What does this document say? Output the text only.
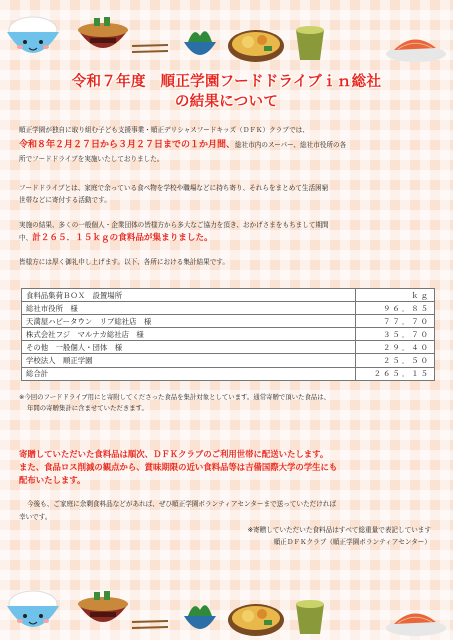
令和７年度　順正学園フードドライブｉｎ総社
の結果について
順正学園が独自に取り組む子ども支援事業・順正デリシャスフードキッズ（ＤＦＫ）クラブでは、
令和８年２月２７日から３月２７日までの１か月間、総社市内のスーパー、総社市役所の各
所でフードドライブを実施いたしておりました。
フードドライブとは、家庭で余っている食べ物を学校や職場などに持ち寄り、それらをまとめて生活困窮
世帯などに寄付する活動です。
実施の結果、多くの一般個人・企業団体の皆様方から多大なご協力を頂き、おかげさまをもちまして期間
中、計２６５．１５ｋｇの食料品が集まりました。
皆様方には厚く御礼申し上げます。以下、各所における集計結果です。
食料品集荷ＢＯＸ　設置場所	ｋｇ
総社市役所　様	９６．８５
天満屋ハピータウン　リブ総社店　様	７７．７０
株式会社フジ　マルナカ総社店　様	３５．７０
その他　一般個人・団体　様	２９．４０
学校法人　順正学園	２５．５０
総合計	２６５．１５
※今回のフードドライブ用にと寄附してくださった食品を集計対象としています。通常寄贈で頂いた食品は、
年間の寄贈集計に含ませていただきます。
寄贈していただいた食料品は順次、ＤＦＫクラブのご利用世帯に配送いたします。
また、食品ロス削減の観点から、賞味期限の近い食料品等は吉備国際大学の学生にも
配布いたします。
今後も、ご家庭に余剰食料品などがあれば、ぜひ順正学園ボランティアセンターまで送っていただければ
幸いです。
※寄贈していただいた食料品はすべて総重量で表記しています
順正ＤＦＫクラブ（順正学園ボランティアセンター）
